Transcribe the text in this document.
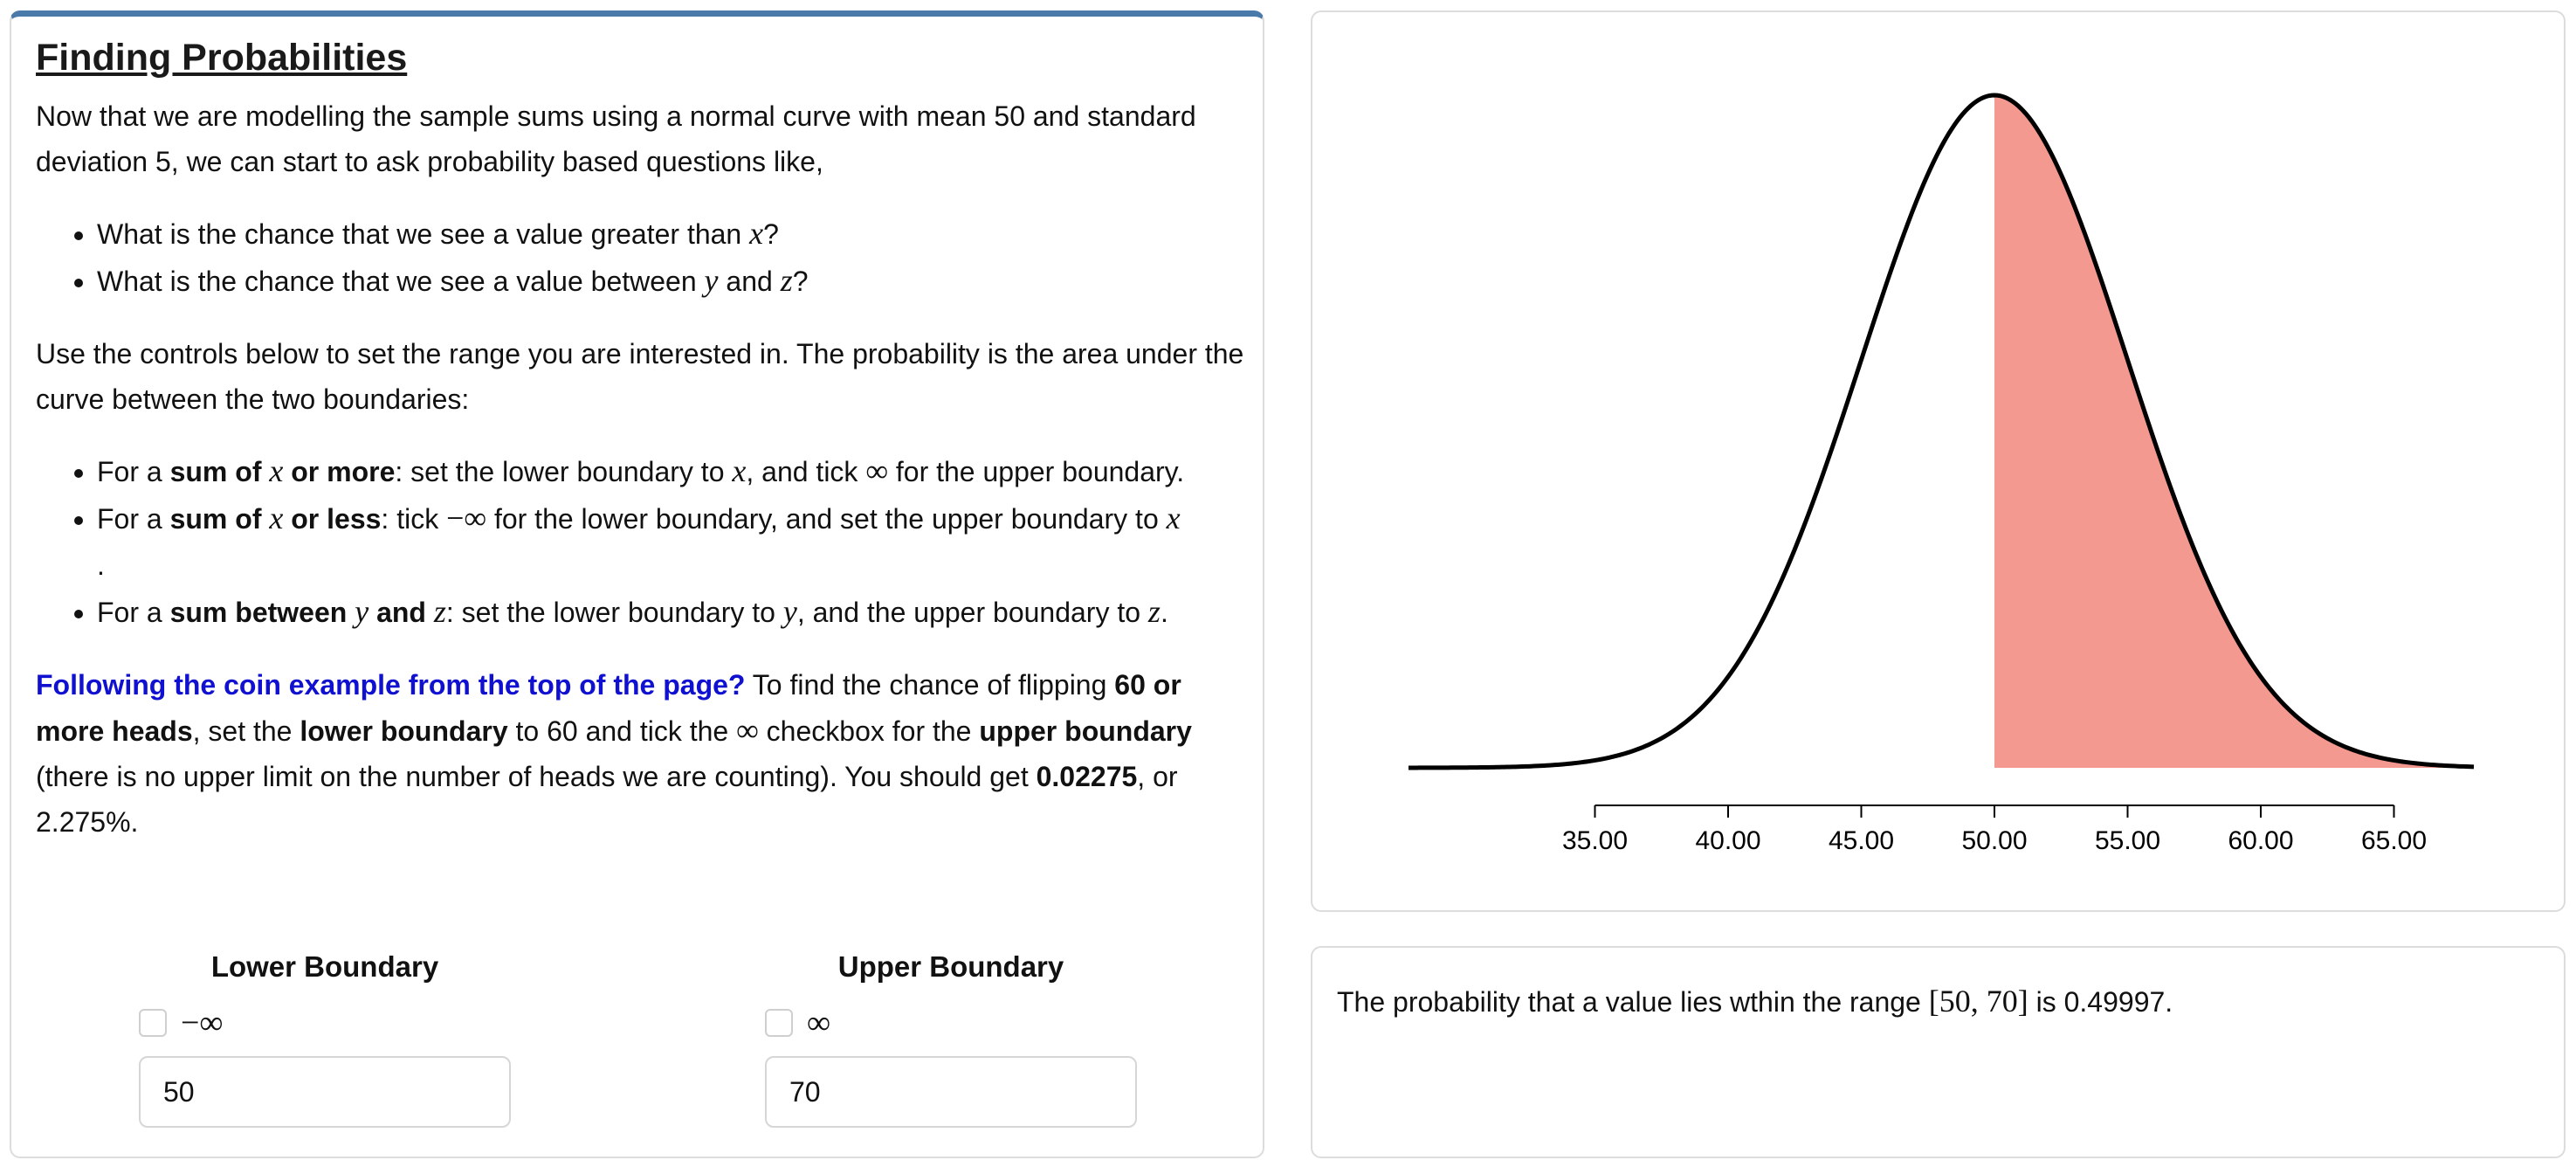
Finding Probabilities

Now that we are modelling the sample sums using a normal curve with mean 50 and standard deviation 5, we can start to ask probability based questions like,

• What is the chance that we see a value greater than x?
• What is the chance that we see a value between y and z?

Use the controls below to set the range you are interested in. The probability is the area under the curve between the two boundaries:

• For a sum of x or more: set the lower boundary to x, and tick ∞ for the upper boundary.
• For a sum of x or less: tick −∞ for the lower boundary, and set the upper boundary to x
.
• For a sum between y and z: set the lower boundary to y, and the upper boundary to z.

Following the coin example from the top of the page? To find the chance of flipping 60 or more heads, set the lower boundary to 60 and tick the ∞ checkbox for the upper boundary (there is no upper limit on the number of heads we are counting). You should get 0.02275, or 2.275%.

Lower Boundary
−∞
50
Upper Boundary
∞
70
35.00	40.00	45.00	50.00	55.00	60.00	65.00
The probability that a value lies wthin the range [50, 70] is 0.49997.
